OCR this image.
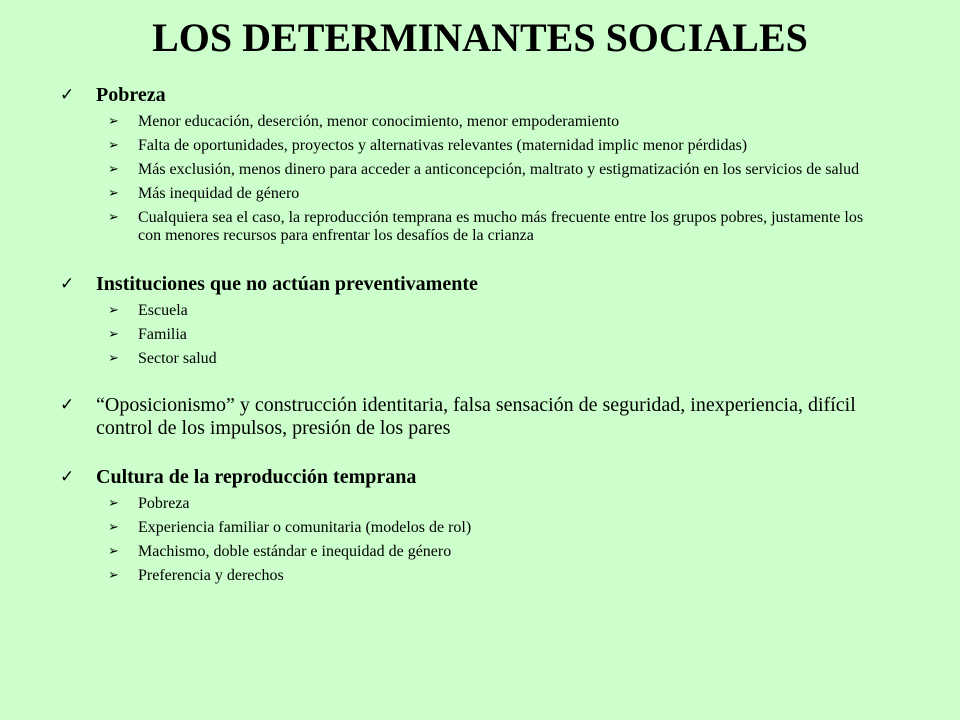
LOS DETERMINANTES SOCIALES
✓ Pobreza
➢ Menor educación, deserción, menor conocimiento, menor empoderamiento
➢ Falta de oportunidades, proyectos y alternativas relevantes (maternidad implic menor pérdidas)
➢ Más exclusión, menos dinero para acceder a anticoncepción, maltrato y estigmatización en los servicios de salud
➢ Más inequidad de género
➢ Cualquiera sea el caso, la reproducción temprana es mucho más frecuente entre los grupos pobres, justamente los con menores recursos para enfrentar los desafíos de la crianza
✓ Instituciones que no actúan preventivamente
➢ Escuela
➢ Familia
➢ Sector salud
✓ “Oposicionismo” y construcción identitaria, falsa sensación de seguridad, inexperiencia, difícil control de los impulsos, presión de los pares
✓ Cultura de la reproducción temprana
➢ Pobreza
➢ Experiencia familiar o comunitaria (modelos de rol)
➢ Machismo, doble estándar e inequidad de género
➢ Preferencia y derechos
